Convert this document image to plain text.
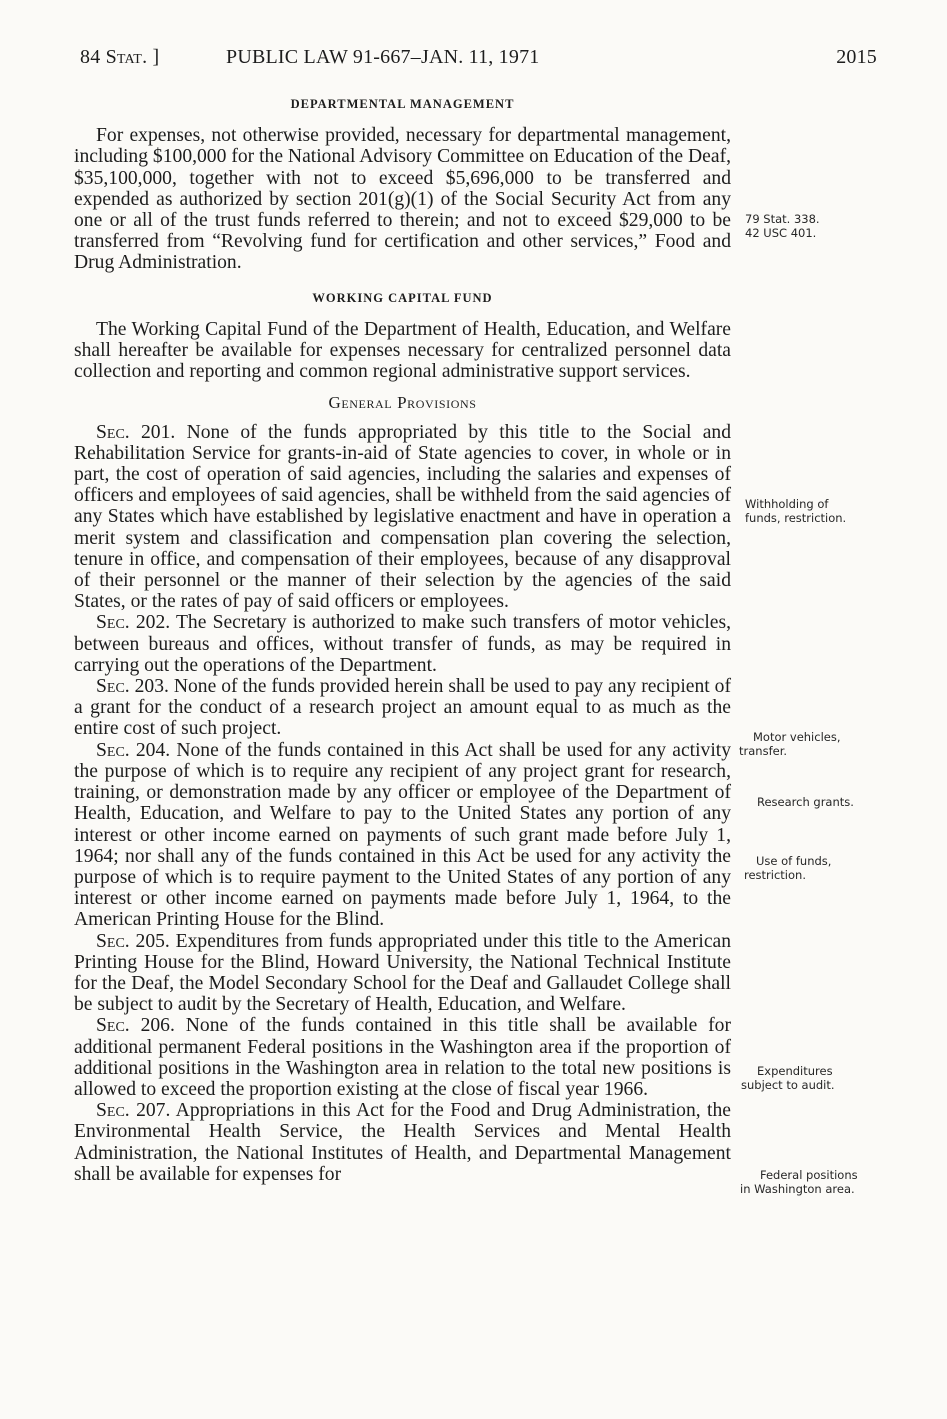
84 Stat. ]	PUBLIC LAW 91-667–JAN. 11, 1971	2015
DEPARTMENTAL MANAGEMENT

For expenses, not otherwise provided, necessary for departmental management, including $100,000 for the National Advisory Committee on Education of the Deaf, $35,100,000, together with not to exceed $5,696,000 to be transferred and expended as authorized by section 201(g)(1) of the Social Security Act from any one or all of the trust funds referred to therein; and not to exceed $29,000 to be transferred from “Revolving fund for certification and other services,” Food and Drug Administration.

WORKING CAPITAL FUND

The Working Capital Fund of the Department of Health, Education, and Welfare shall hereafter be available for expenses necessary for centralized personnel data collection and reporting and common regional administrative support services.

General Provisions

Sec. 201. None of the funds appropriated by this title to the Social and Rehabilitation Service for grants-in-aid of State agencies to cover, in whole or in part, the cost of operation of said agencies, including the salaries and expenses of officers and employees of said agencies, shall be withheld from the said agencies of any States which have established by legislative enactment and have in operation a merit system and classification and compensation plan covering the selection, tenure in office, and compensation of their employees, because of any disapproval of their personnel or the manner of their selection by the agencies of the said States, or the rates of pay of said officers or employees.

Sec. 202. The Secretary is authorized to make such transfers of motor vehicles, between bureaus and offices, without transfer of funds, as may be required in carrying out the operations of the Department.

Sec. 203. None of the funds provided herein shall be used to pay any recipient of a grant for the conduct of a research project an amount equal to as much as the entire cost of such project.

Sec. 204. None of the funds contained in this Act shall be used for any activity the purpose of which is to require any recipient of any project grant for research, training, or demonstration made by any officer or employee of the Department of Health, Education, and Welfare to pay to the United States any portion of any interest or other income earned on payments of such grant made before July 1, 1964; nor shall any of the funds contained in this Act be used for any activity the purpose of which is to require payment to the United States of any portion of any interest or other income earned on payments made before July 1, 1964, to the American Printing House for the Blind.

Sec. 205. Expenditures from funds appropriated under this title to the American Printing House for the Blind, Howard University, the National Technical Institute for the Deaf, the Model Secondary School for the Deaf and Gallaudet College shall be subject to audit by the Secretary of Health, Education, and Welfare.

Sec. 206. None of the funds contained in this title shall be available for additional permanent Federal positions in the Washington area if the proportion of additional positions in the Washington area in relation to the total new positions is allowed to exceed the proportion existing at the close of fiscal year 1966.

Sec. 207. Appropriations in this Act for the Food and Drug Administration, the Environmental Health Service, the Health Services and Mental Health Administration, the National Institutes of Health, and Departmental Management shall be available for expenses for

79 Stat. 338.
42 USC 401.
Withholding of
funds, restriction.
Motor vehicles,
transfer.
Research grants.
Use of funds,
restriction.
Expenditures
subject to audit.
Federal positions
in Washington area.
